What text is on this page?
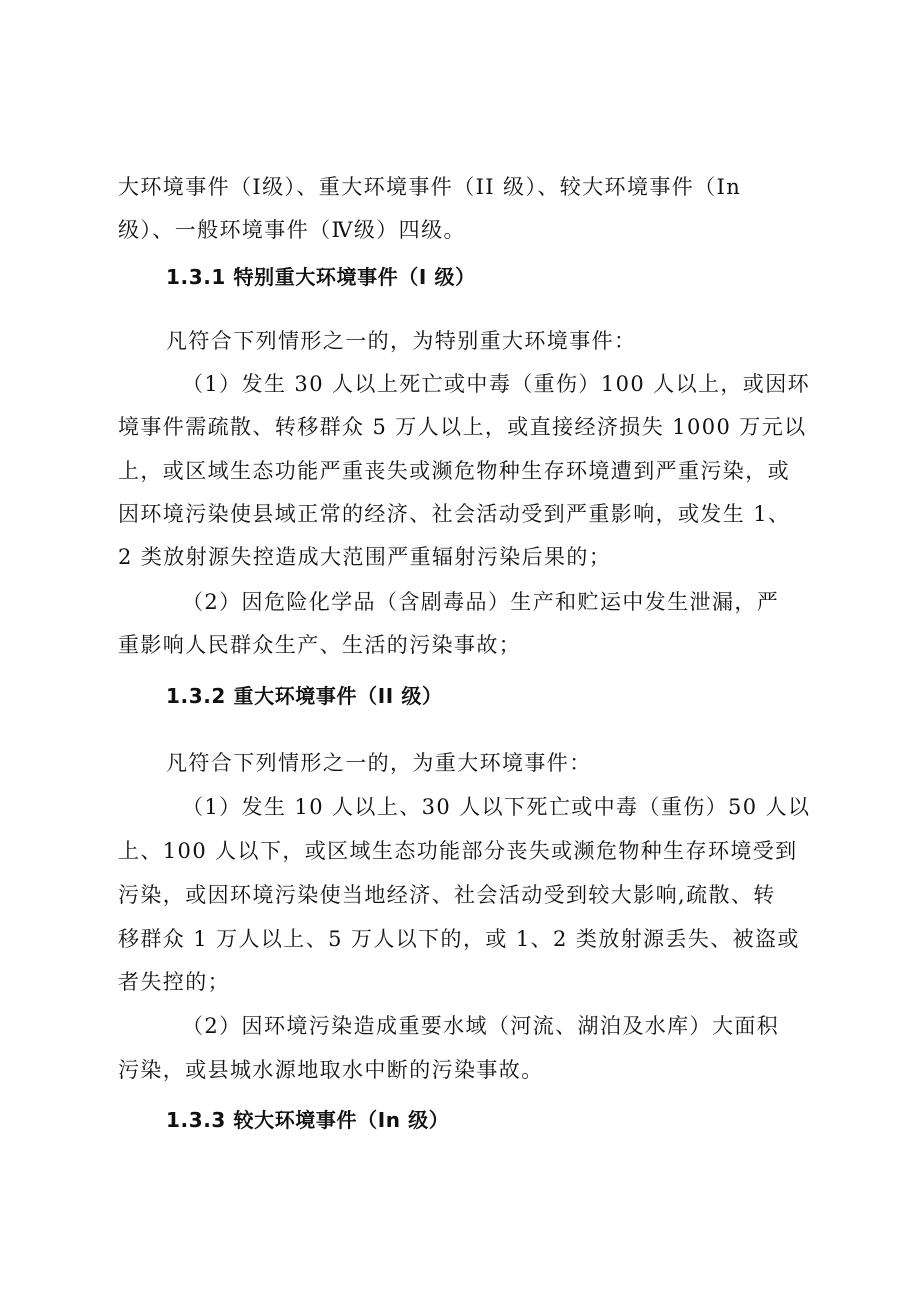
大环境事件（Ⅰ级）、重大环境事件（II 级）、较大环境事件（In
级）、一般环境事件（Ⅳ级）四级。
1.3.1 特别重大环境事件（I 级）
凡符合下列情形之一的，为特别重大环境事件：
（1）发生 30 人以上死亡或中毒（重伤）100 人以上，或因环
境事件需疏散、转移群众 5 万人以上，或直接经济损失 1000 万元以
上，或区域生态功能严重丧失或濒危物种生存环境遭到严重污染，或
因环境污染使县域正常的经济、社会活动受到严重影响，或发生 1、
2 类放射源失控造成大范围严重辐射污染后果的；
（2）因危险化学品（含剧毒品）生产和贮运中发生泄漏，严
重影响人民群众生产、生活的污染事故；
1.3.2 重大环境事件（II 级）
凡符合下列情形之一的，为重大环境事件：
（1）发生 10 人以上、30 人以下死亡或中毒（重伤）50 人以
上、100 人以下，或区域生态功能部分丧失或濒危物种生存环境受到
污染，或因环境污染使当地经济、社会活动受到较大影响,疏散、转
移群众 1 万人以上、5 万人以下的，或 1、2 类放射源丢失、被盗或
者失控的；
（2）因环境污染造成重要水域（河流、湖泊及水库）大面积
污染，或县城水源地取水中断的污染事故。
1.3.3 较大环境事件（In 级）
